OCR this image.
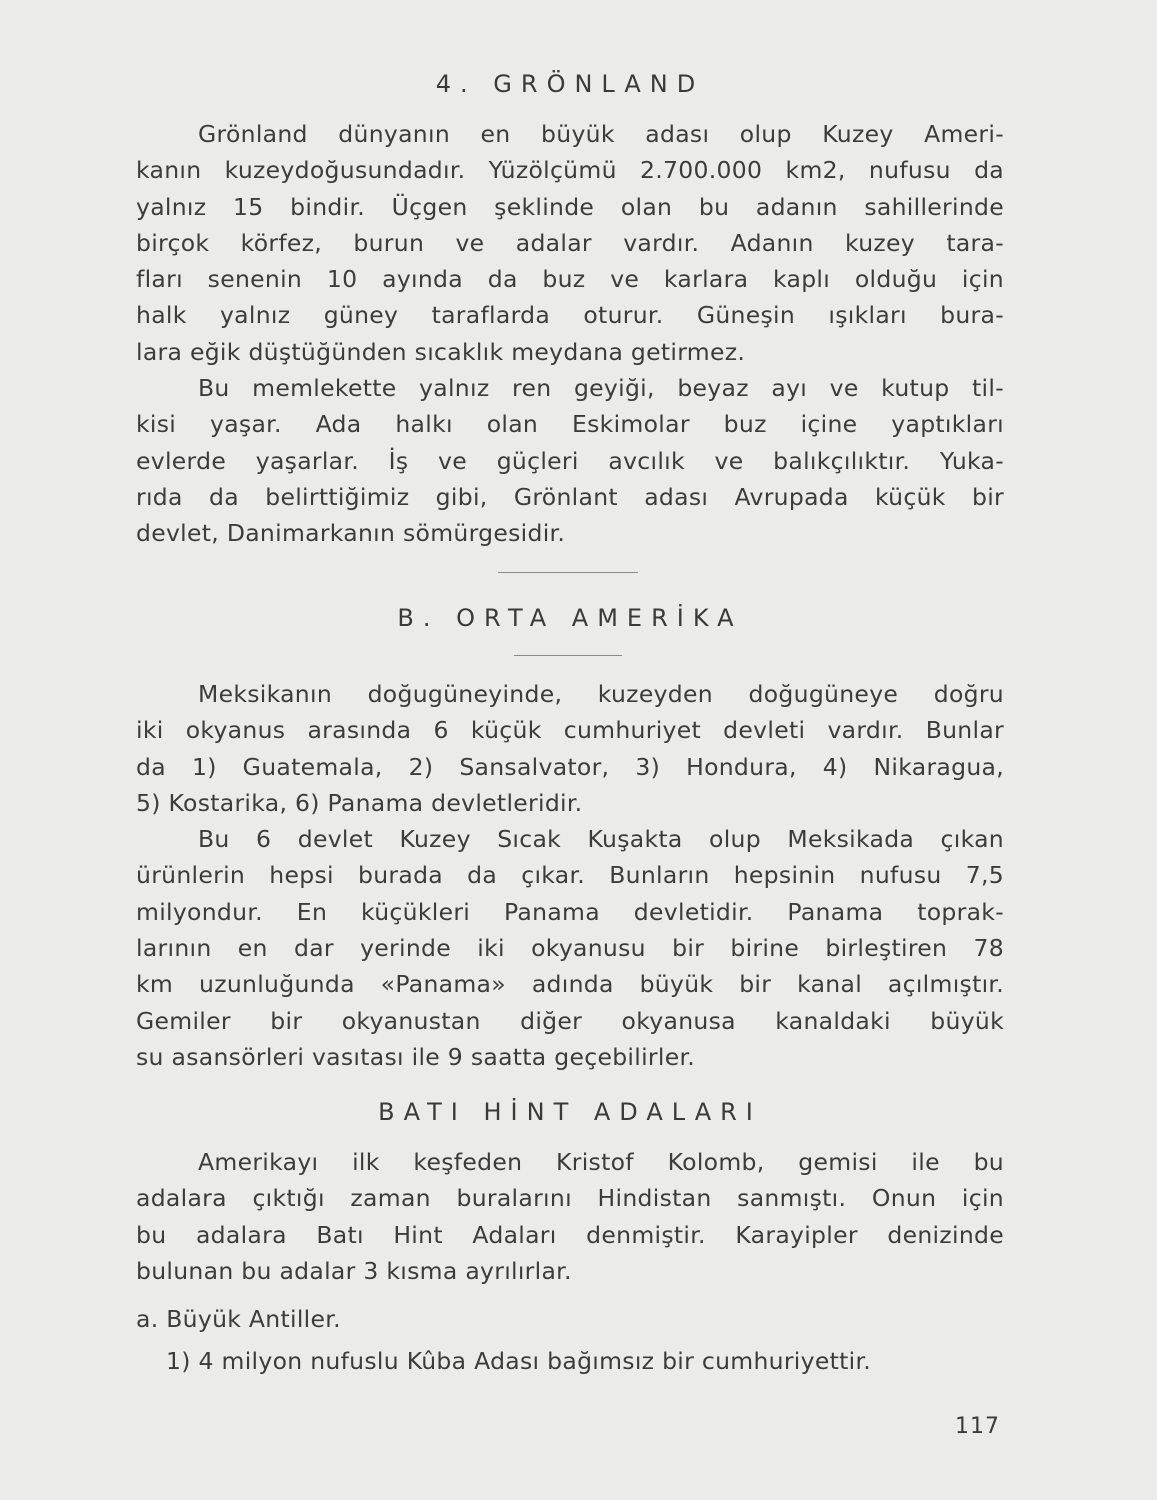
4. GRÖNLAND

Grönland dünyanın en büyük adası olup Kuzey Ameri-

kanın kuzeydoğusundadır. Yüzölçümü 2.700.000 km2, nufusu da

yalnız 15 bindir. Üçgen şeklinde olan bu adanın sahillerinde

birçok körfez, burun ve adalar vardır. Adanın kuzey tara-

fları senenin 10 ayında da buz ve karlara kaplı olduğu için

halk yalnız güney taraflarda oturur. Güneşin ışıkları bura-

lara eğik düştüğünden sıcaklık meydana getirmez.

Bu memlekette yalnız ren geyiği, beyaz ayı ve kutup til-

kisi yaşar. Ada halkı olan Eskimolar buz içine yaptıkları

evlerde yaşarlar. İş ve güçleri avcılık ve balıkçılıktır. Yuka-

rıda da belirttiğimiz gibi, Grönlant adası Avrupada küçük bir

devlet, Danimarkanın sömürgesidir.

B. ORTA AMERİKA

Meksikanın doğugüneyinde, kuzeyden doğugüneye doğru

iki okyanus arasında 6 küçük cumhuriyet devleti vardır. Bunlar

da 1) Guatemala, 2) Sansalvator, 3) Hondura, 4) Nikaragua,

5) Kostarika, 6) Panama devletleridir.

Bu 6 devlet Kuzey Sıcak Kuşakta olup Meksikada çıkan

ürünlerin hepsi burada da çıkar. Bunların hepsinin nufusu 7,5

milyondur. En küçükleri Panama devletidir. Panama toprak-

larının en dar yerinde iki okyanusu bir birine birleştiren 78

km uzunluğunda «Panama» adında büyük bir kanal açılmıştır.

Gemiler bir okyanustan diğer okyanusa kanaldaki büyük

su asansörleri vasıtası ile 9 saatta geçebilirler.

BATI HİNT ADALARI

Amerikayı ilk keşfeden Kristof Kolomb, gemisi ile bu

adalara çıktığı zaman buralarını Hindistan sanmıştı. Onun için

bu adalara Batı Hint Adaları denmiştir. Karayipler denizinde

bulunan bu adalar 3 kısma ayrılırlar.

a. Büyük Antiller.

1) 4 milyon nufuslu Kûba Adası bağımsız bir cumhuriyettir.

117
